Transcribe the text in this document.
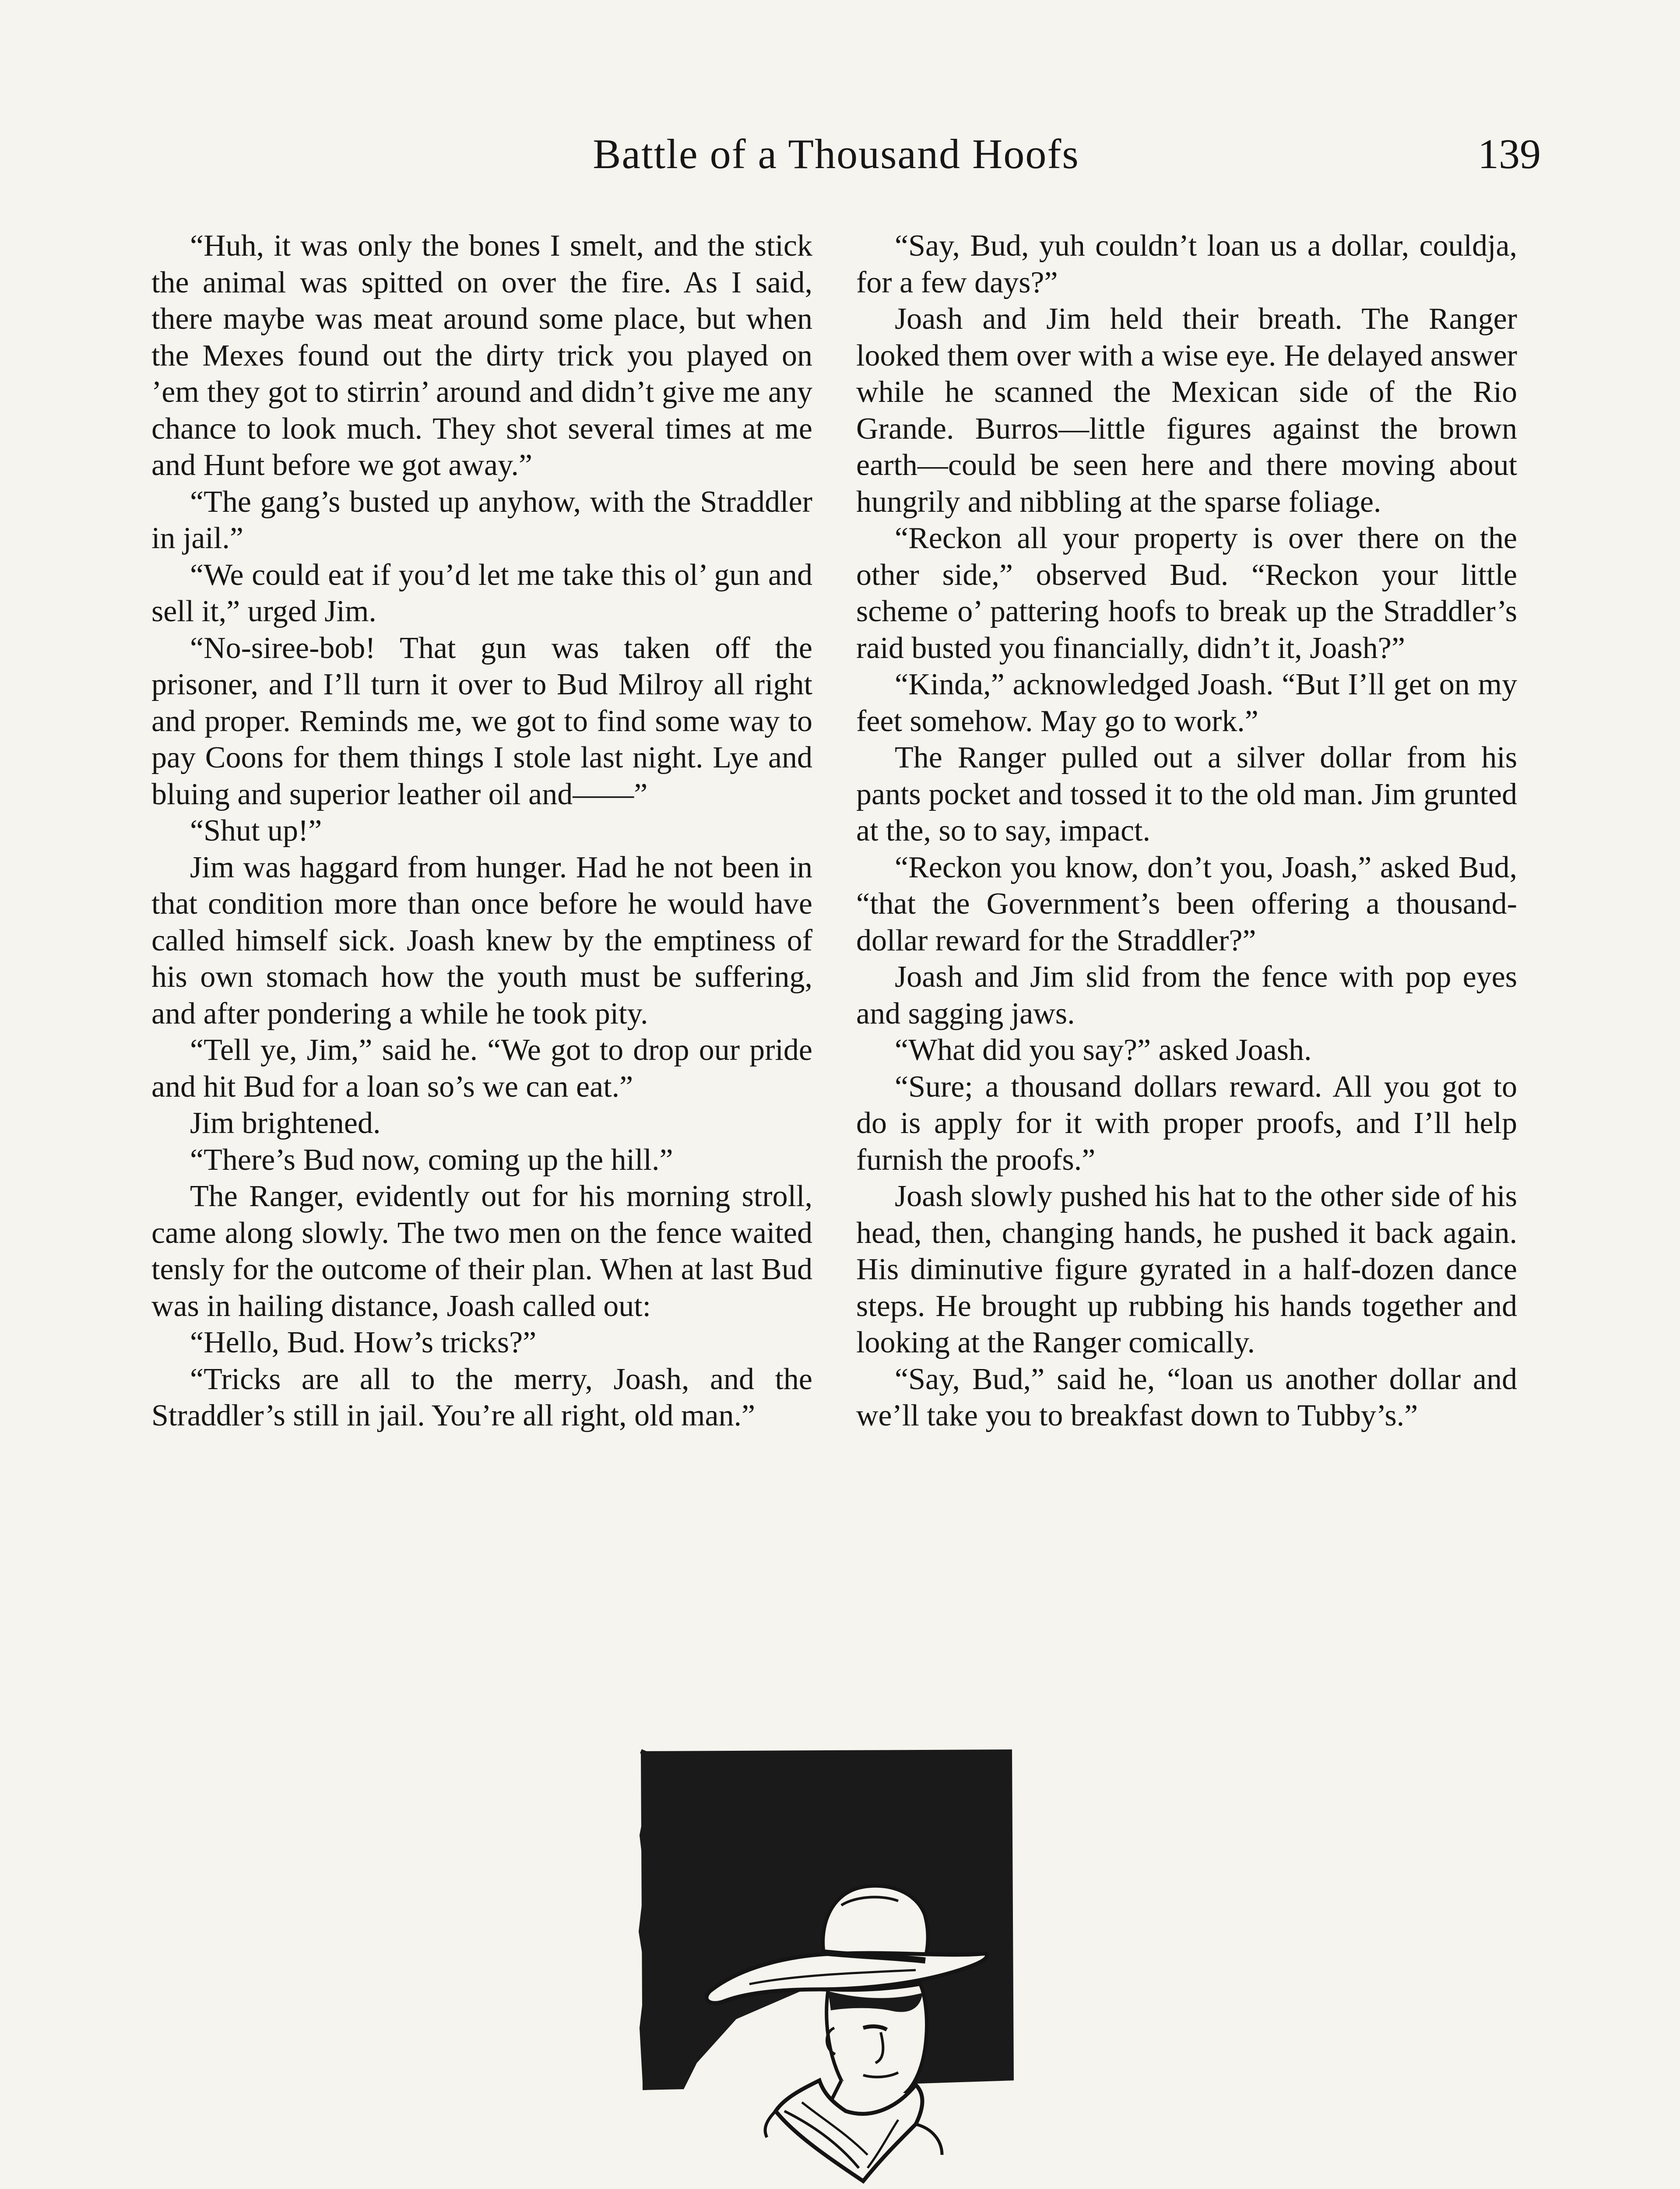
Battle of a Thousand Hoofs	139

“Huh, it was only the bones I smelt, and the stick the animal was spitted on over the fire. As I said, there maybe was meat around some place, but when the Mexes found out the dirty trick you played on ’em they got to stirrin’ around and didn’t give me any chance to look much. They shot several times at me and Hunt before we got away.”

“The gang’s busted up anyhow, with the Straddler in jail.”

“We could eat if you’d let me take this ol’ gun and sell it,” urged Jim.

“No-siree-bob! That gun was taken off the prisoner, and I’ll turn it over to Bud Milroy all right and proper. Reminds me, we got to find some way to pay Coons for them things I stole last night. Lye and bluing and superior leather oil and——”

“Shut up!”

Jim was haggard from hunger. Had he not been in that condition more than once before he would have called himself sick. Joash knew by the emptiness of his own stomach how the youth must be suffering, and after pondering a while he took pity.

“Tell ye, Jim,” said he. “We got to drop our pride and hit Bud for a loan so’s we can eat.”

Jim brightened.

“There’s Bud now, coming up the hill.”

The Ranger, evidently out for his morning stroll, came along slowly. The two men on the fence waited tensly for the outcome of their plan. When at last Bud was in hailing distance, Joash called out:

“Hello, Bud. How’s tricks?”

“Tricks are all to the merry, Joash, and the Straddler’s still in jail. You’re all right, old man.”

“Say, Bud, yuh couldn’t loan us a dollar, couldja, for a few days?”

Joash and Jim held their breath. The Ranger looked them over with a wise eye. He delayed answer while he scanned the Mexican side of the Rio Grande. Burros—little figures against the brown earth—could be seen here and there moving about hungrily and nibbling at the sparse foliage.

“Reckon all your property is over there on the other side,” observed Bud. “Reckon your little scheme o’ pattering hoofs to break up the Straddler’s raid busted you financially, didn’t it, Joash?”

“Kinda,” acknowledged Joash. “But I’ll get on my feet somehow. May go to work.”

The Ranger pulled out a silver dollar from his pants pocket and tossed it to the old man. Jim grunted at the, so to say, impact.

“Reckon you know, don’t you, Joash,” asked Bud, “that the Government’s been offering a thousand-dollar reward for the Straddler?”

Joash and Jim slid from the fence with pop eyes and sagging jaws.

“What did you say?” asked Joash.

“Sure; a thousand dollars reward. All you got to do is apply for it with proper proofs, and I’ll help furnish the proofs.”

Joash slowly pushed his hat to the other side of his head, then, changing hands, he pushed it back again. His diminutive figure gyrated in a half-dozen dance steps. He brought up rubbing his hands together and looking at the Ranger comically.

“Say, Bud,” said he, “loan us another dollar and we’ll take you to breakfast down to Tubby’s.”
